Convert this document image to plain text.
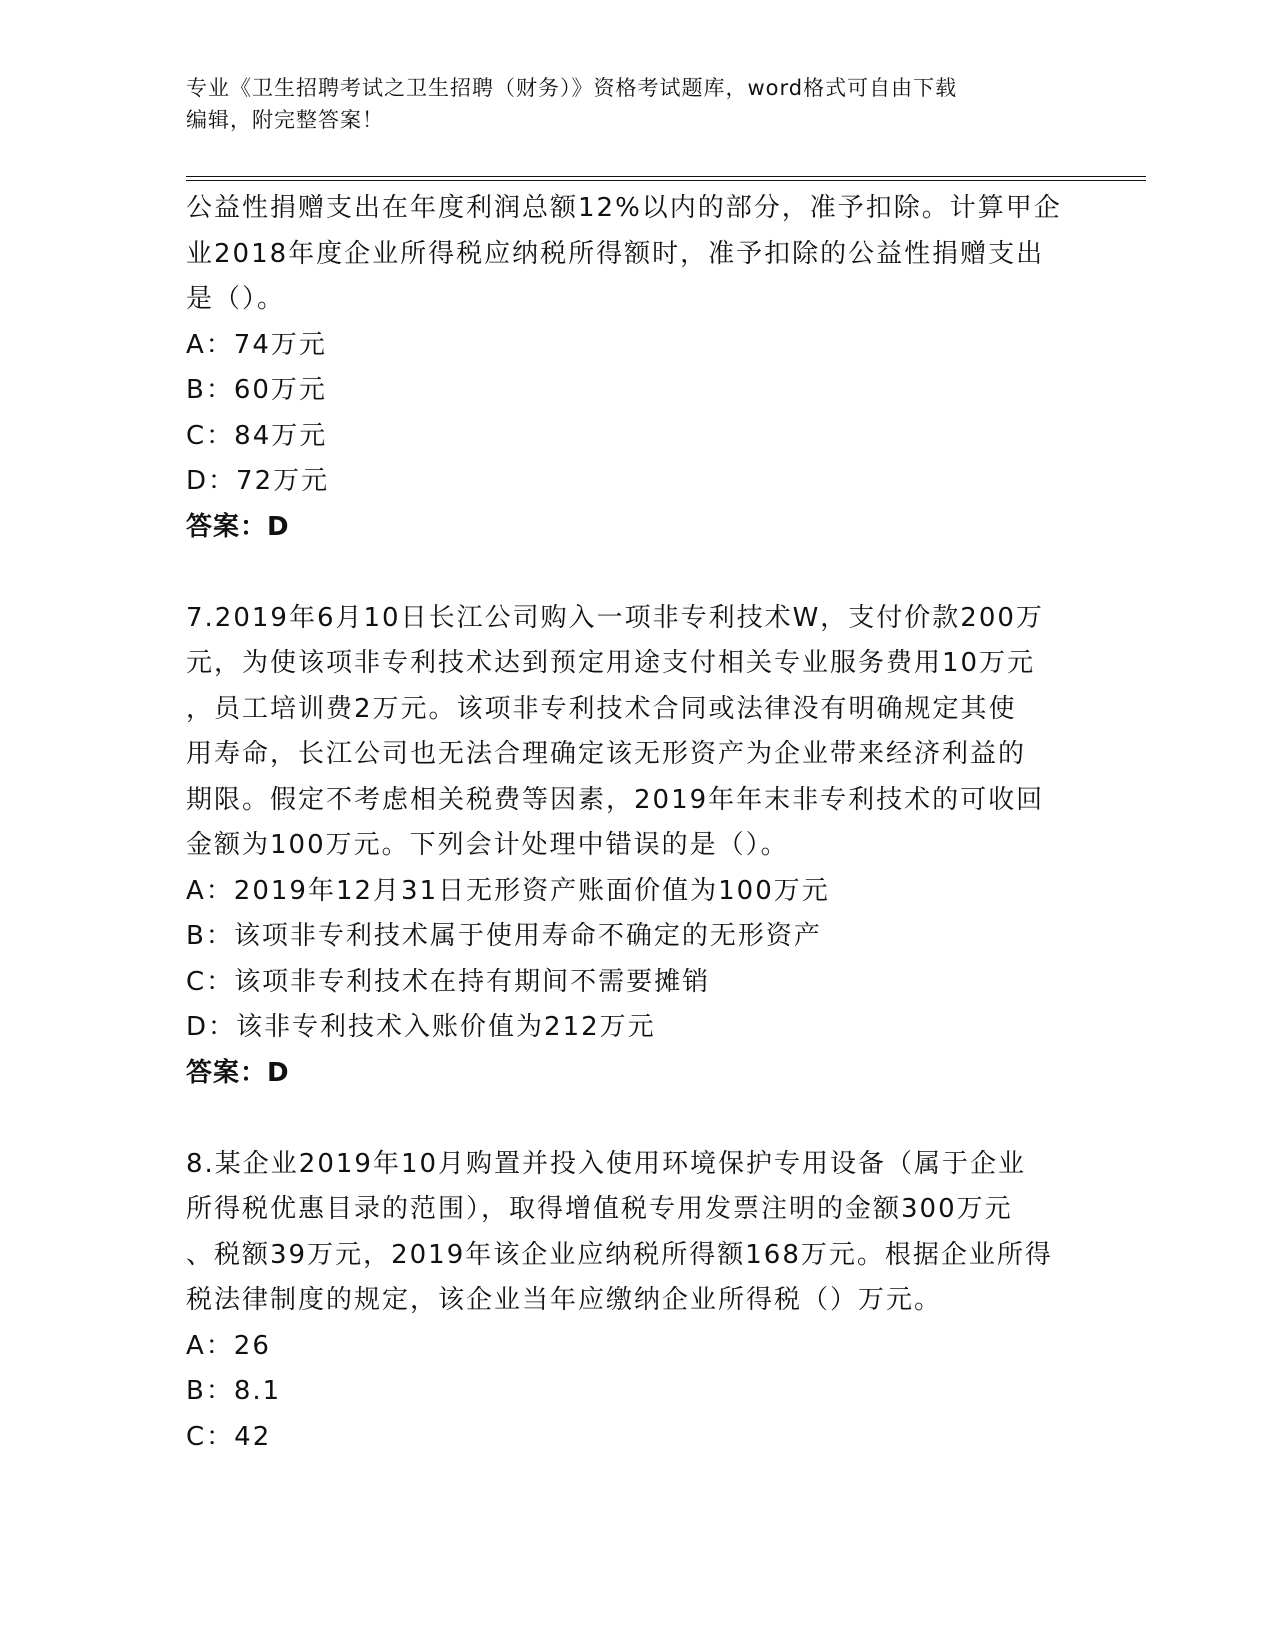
专业《卫生招聘考试之卫生招聘（财务）》资格考试题库，word格式可自由下载
编辑，附完整答案！
公益性捐赠支出在年度利润总额12%以内的部分，准予扣除。计算甲企
业2018年度企业所得税应纳税所得额时，准予扣除的公益性捐赠支出
是（）。
A：74万元
B：60万元
C：84万元
D：72万元
答案：D
7.2019年6月10日长江公司购入一项非专利技术W，支付价款200万
元，为使该项非专利技术达到预定用途支付相关专业服务费用10万元
，员工培训费2万元。该项非专利技术合同或法律没有明确规定其使
用寿命，长江公司也无法合理确定该无形资产为企业带来经济利益的
期限。假定不考虑相关税费等因素，2019年年末非专利技术的可收回
金额为100万元。下列会计处理中错误的是（）。
A：2019年12月31日无形资产账面价值为100万元
B：该项非专利技术属于使用寿命不确定的无形资产
C：该项非专利技术在持有期间不需要摊销
D：该非专利技术入账价值为212万元
答案：D
8.某企业2019年10月购置并投入使用环境保护专用设备（属于企业
所得税优惠目录的范围），取得增值税专用发票注明的金额300万元
、税额39万元，2019年该企业应纳税所得额168万元。根据企业所得
税法律制度的规定，该企业当年应缴纳企业所得税（）万元。
A：26
B：8.1
C：42
